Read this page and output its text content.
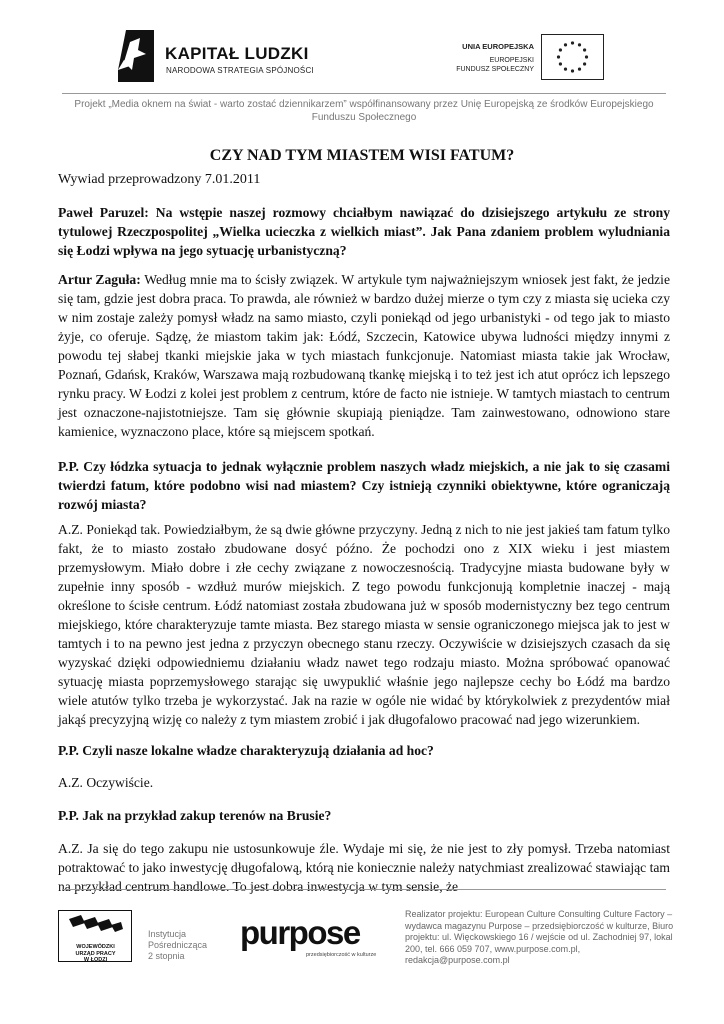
KAPITAŁ LUDZKI
NARODOWA STRATEGIA SPÓJNOŚCI
UNIA EUROPEJSKA
EUROPEJSKI
FUNDUSZ SPOŁECZNY
Projekt „Media oknem na świat - warto zostać dziennikarzem” współfinansowany przez Unię Europejską ze środków Europejskiego Funduszu Społecznego
CZY NAD TYM MIASTEM WISI FATUM?
Wywiad przeprowadzony 7.01.2011
Paweł Paruzel: Na wstępie naszej rozmowy chciałbym nawiązać do dzisiejszego artykułu ze strony tytulowej Rzeczpospolitej „Wielka ucieczka z wielkich miast”. Jak Pana zdaniem problem wyludniania się Łodzi wpływa na jego sytuację urbanistyczną?
Artur Zaguła: Według mnie ma to ścisły związek. W artykule tym najważniejszym wniosek jest fakt, że jedzie się tam, gdzie jest dobra praca. To prawda, ale również w bardzo dużej mierze o tym czy z miasta się ucieka czy w nim zostaje zależy pomysł władz na samo miasto, czyli poniekąd od jego urbanistyki - od tego jak to miasto żyje, co oferuje. Sądzę, że miastom takim jak: Łódź, Szczecin, Katowice ubywa ludności między innymi z powodu tej słabej tkanki miejskie jaka w tych miastach funkcjonuje. Natomiast miasta takie jak Wrocław, Poznań, Gdańsk, Kraków, Warszawa mają rozbudowaną tkankę miejską i to też jest ich atut oprócz ich lepszego rynku pracy. W Łodzi z kolei jest problem z centrum, które de facto nie istnieje. W tamtych miastach to centrum jest oznaczone-najistotniejsze. Tam się głównie skupiają pieniądze. Tam zainwestowano, odnowiono stare kamienice, wyznaczono place, które są miejscem spotkań.
P.P. Czy łódzka sytuacja to jednak wyłącznie problem naszych władz miejskich, a nie jak to się czasami twierdzi fatum, które podobno wisi nad miastem? Czy istnieją czynniki obiektywne, które ograniczają rozwój miasta?
A.Z. Poniekąd tak. Powiedziałbym, że są dwie główne przyczyny. Jedną z nich to nie jest jakieś tam fatum tylko fakt, że to miasto zostało zbudowane dosyć późno. Że pochodzi ono z XIX wieku i jest miastem przemysłowym. Miało dobre i złe cechy związane z nowoczesnością. Tradycyjne miasta budowane były w zupełnie inny sposób - wzdłuż murów miejskich. Z tego powodu funkcjonują kompletnie inaczej - mają określone to ścisłe centrum. Łódź natomiast została zbudowana już w sposób modernistyczny bez tego centrum miejskiego, które charakteryzuje tamte miasta. Bez starego miasta w sensie ograniczonego miejsca jak to jest w tamtych i to na pewno jest jedna z przyczyn obecnego stanu rzeczy. Oczywiście w dzisiejszych czasach da się wyzyskać dzięki odpowiedniemu działaniu władz nawet tego rodzaju miasto. Można spróbować opanować sytuację miasta poprzemysłowego starając się uwypuklić właśnie jego najlepsze cechy bo Łódź ma bardzo wiele atutów tylko trzeba je wykorzystać. Jak na razie w ogóle nie widać by którykolwiek z prezydentów miał jakąś precyzyjną wizję co należy z tym miastem zrobić i jak długofalowo pracować nad jego wizerunkiem.
P.P. Czyli nasze lokalne władze charakteryzują działania ad hoc?
A.Z. Oczywiście.
P.P. Jak na przykład zakup terenów na Brusie?
A.Z. Ja się do tego zakupu nie ustosunkowuje źle. Wydaje mi się, że nie jest to zły pomysł. Trzeba natomiast potraktować to jako inwestycję długofalową, którą nie koniecznie należy natychmiast zrealizować stawiając tam na przykład centrum handlowe. To jest dobra inwestycja w tym sensie, że
WOJEWÓDZKI
URZĄD PRACY
W ŁODZI
Instytucja
Pośrednicząca
2 stopnia
purpose
przedsiębiorczość w kulturze
Realizator projektu: European Culture Consulting Culture Factory – wydawca magazynu Purpose – przedsiębiorczość w kulturze, Biuro projektu: ul. Więckowskiego 16 / wejście od ul. Zachodniej 97, lokal 200, tel. 666 059 707, www.purpose.com.pl, redakcja@purpose.com.pl
